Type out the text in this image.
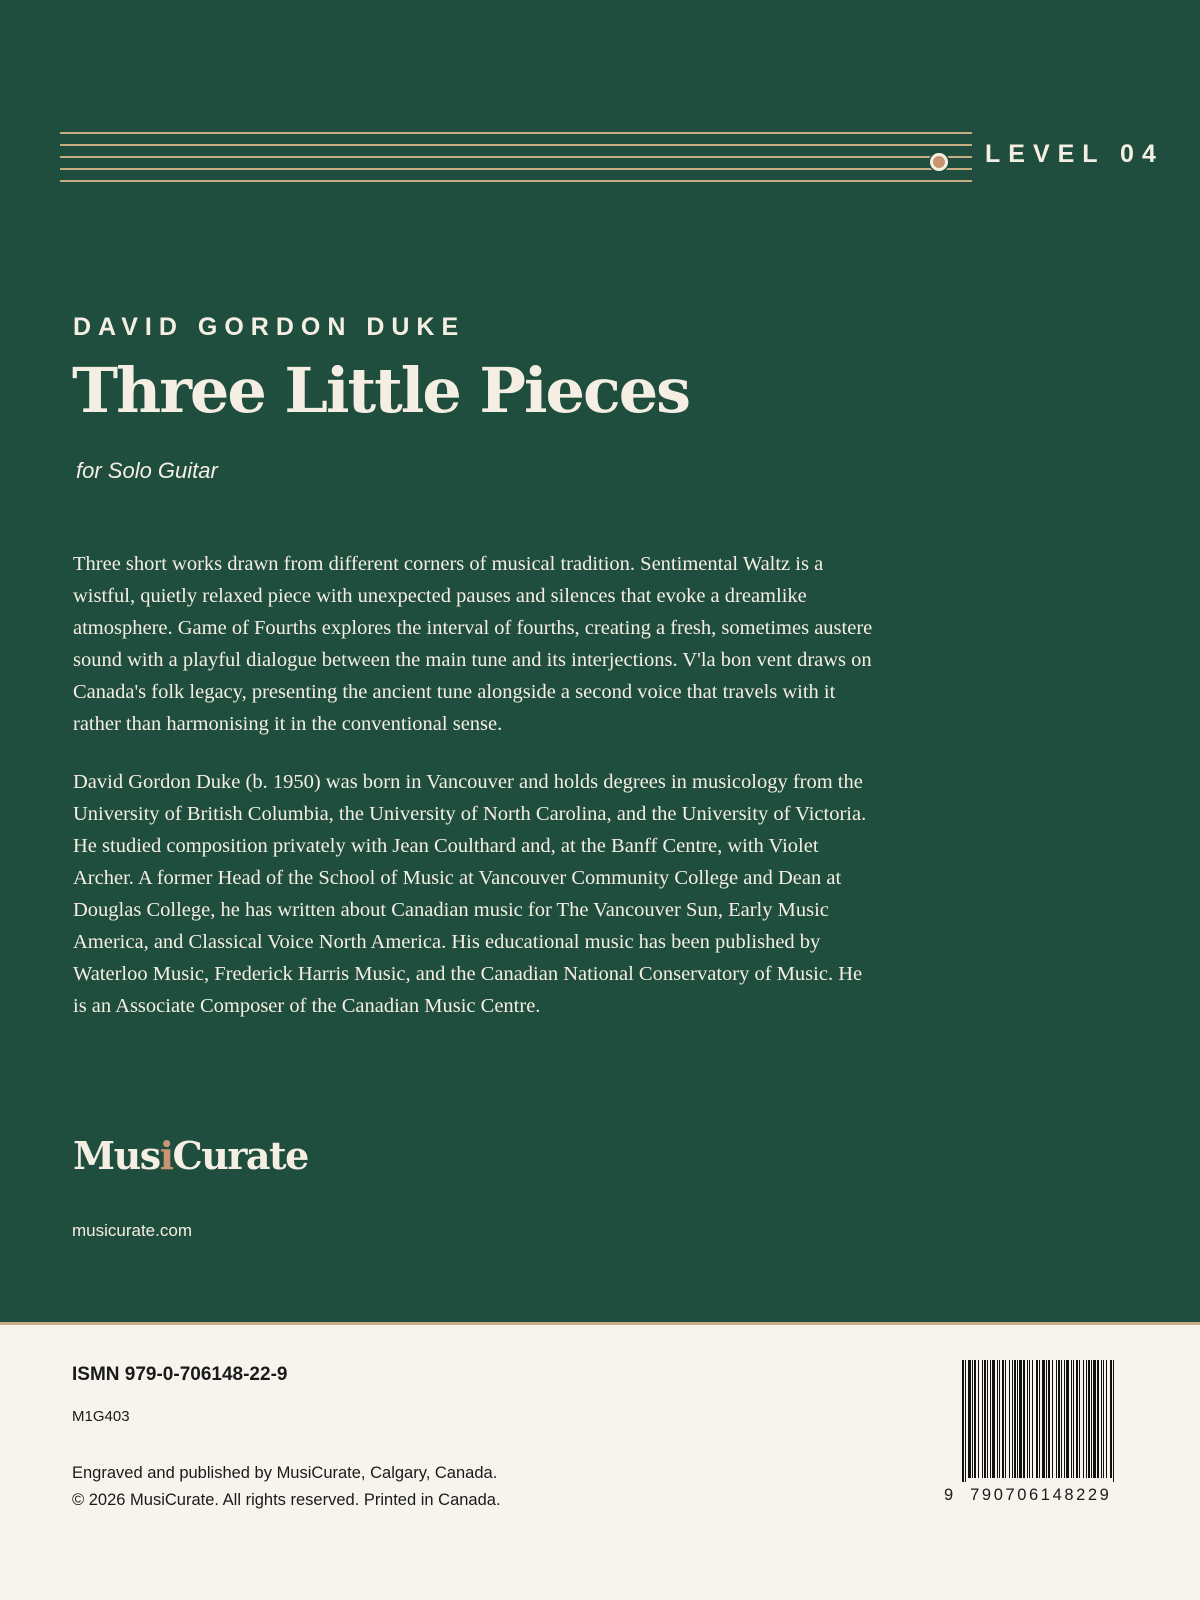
LEVEL 04
DAVID GORDON DUKE
Three Little Pieces
for Solo Guitar

Three short works drawn from different corners of musical tradition. Sentimental Waltz is a wistful, quietly relaxed piece with unexpected pauses and silences that evoke a dreamlike atmosphere. Game of Fourths explores the interval of fourths, creating a fresh, sometimes austere sound with a playful dialogue between the main tune and its interjections. V'la bon vent draws on Canada's folk legacy, presenting the ancient tune alongside a second voice that travels with it rather than harmonising it in the conventional sense.

David Gordon Duke (b. 1950) was born in Vancouver and holds degrees in musicology from the University of British Columbia, the University of North Carolina, and the University of Victoria. He studied composition privately with Jean Coulthard and, at the Banff Centre, with Violet Archer. A former Head of the School of Music at Vancouver Community College and Dean at Douglas College, he has written about Canadian music for The Vancouver Sun, Early Music America, and Classical Voice North America. His educational music has been published by Waterloo Music, Frederick Harris Music, and the Canadian National Conservatory of Music. He is an Associate Composer of the Canadian Music Centre.

MusiCurate
musicurate.com
ISMN 979-0-706148-22-9
M1G403
Engraved and published by MusiCurate, Calgary, Canada.
© 2026 MusiCurate. All rights reserved. Printed in Canada.	9  790706148229
